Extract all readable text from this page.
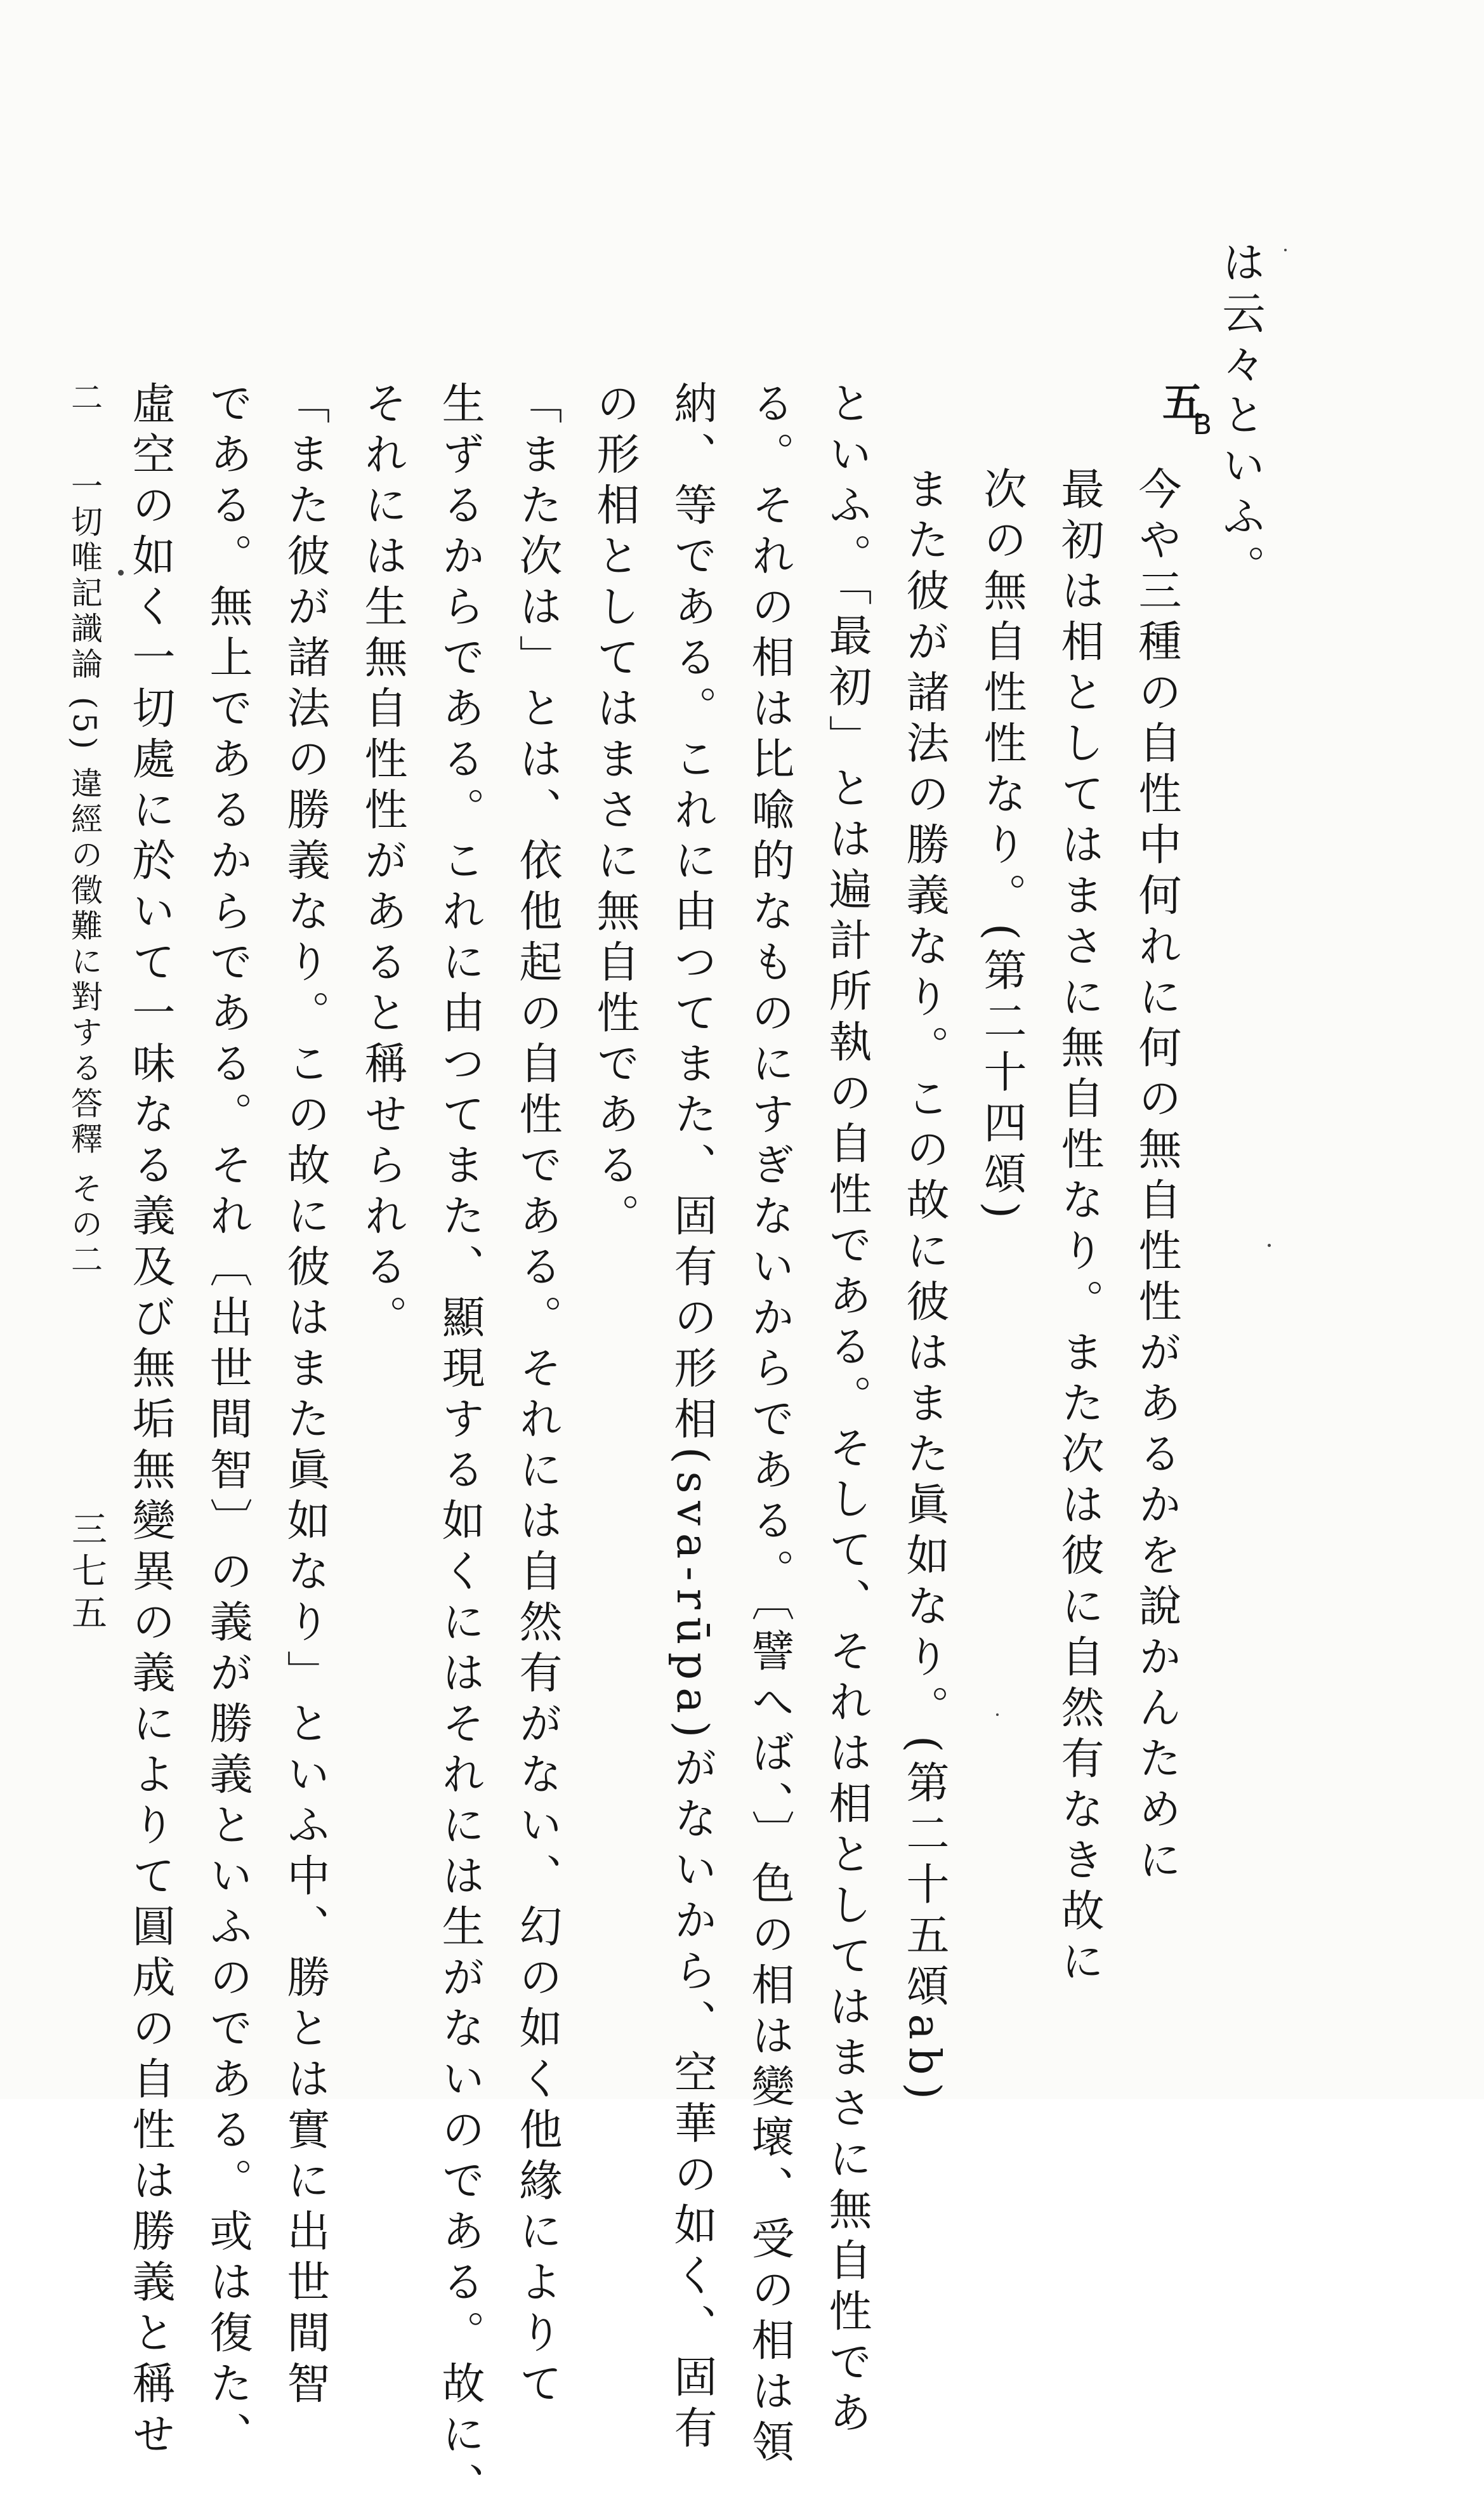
は云々といふ。
五
B
今や三種の自性中何れに何の無自性性があるかを說かんために
最初は相としてはまさに無自性なり。また次は彼に自然有なき故に
次の無自性性なり。(第二十四頌)
また彼が諸法の勝義なり。この故に彼はまた眞如なり。(第二十五頌ab)
といふ。「最初」とは遍計所執の自性である。そして、それは相としてはまさに無自性であ
る。それの相は比喩的なものにすぎないからである。〔譬へば、〕色の相は變壞、受の相は領
納、等である。これに由つてまた、固有の形相(sva-rūpa)がないから、空華の如く、固有
の形相としてはまさに無自性である。
「また次は」とは、依他起の自性である。それには自然有がない、幻の如く他緣によりて
生ずるからである。これに由つてまた、顯現する如くにはそれには生がないのである。故に、
それには生無自性性があると稱せられる。
「また彼が諸法の勝義なり。この故に彼はまた眞如なり」といふ中、勝とは實に出世間智
である。無上であるからである。それ〔出世間智〕の義が勝義といふのである。或は復た、
虛空の如く一切處に於いて一味なる義及び無垢無變異の義によりて圓成の自性は勝義と稱せ
二  一切唯記識論 (5) 違經の徵難に對する答釋 その二
三七五
